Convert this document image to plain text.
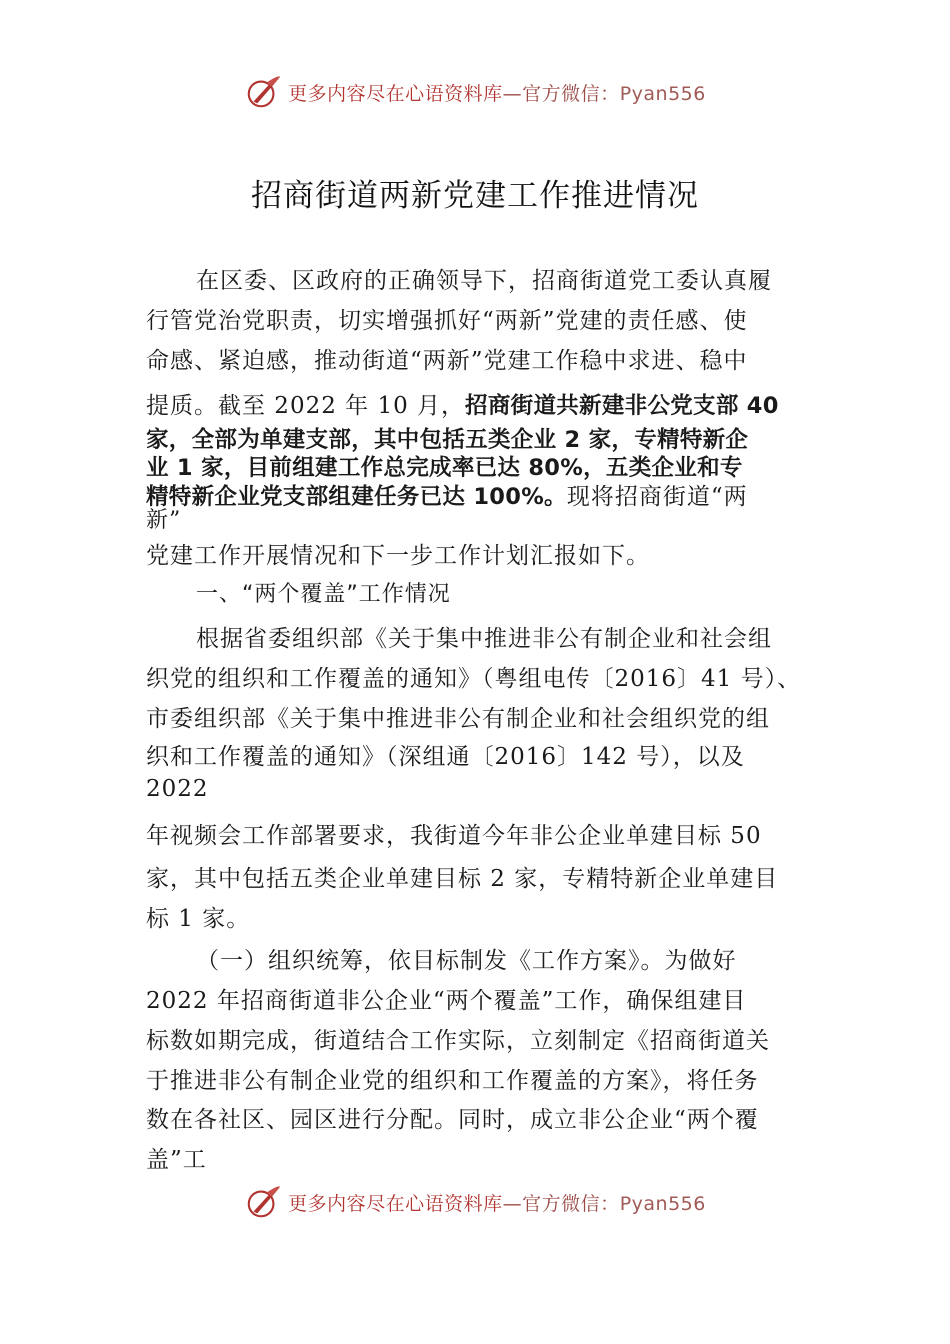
更多内容尽在心语资料库—官方微信：Pyan556
招商街道两新党建工作推进情况
在区委、区政府的正确领导下，招商街道党工委认真履
行管党治党职责，切实增强抓好“两新”党建的责任感、使
命感、紧迫感，推动街道“两新”党建工作稳中求进、稳中
提质。截至 2022 年 10 月，招商街道共新建非公党支部 40
家，全部为单建支部，其中包括五类企业 2 家，专精特新企
业 1 家，目前组建工作总完成率已达 80%，五类企业和专
精特新企业党支部组建任务已达 100%。现将招商街道“两
新”
党建工作开展情况和下一步工作计划汇报如下。
一、“两个覆盖”工作情况
根据省委组织部《关于集中推进非公有制企业和社会组
织党的组织和工作覆盖的通知》（粤组电传〔2016〕41 号）、
市委组织部《关于集中推进非公有制企业和社会组织党的组
织和工作覆盖的通知》（深组通〔2016〕142 号），以及
2022
年视频会工作部署要求，我街道今年非公企业单建目标 50
家，其中包括五类企业单建目标 2 家，专精特新企业单建目
标 1 家。
（一）组织统筹，依目标制发《工作方案》。为做好
2022 年招商街道非公企业“两个覆盖”工作，确保组建目
标数如期完成，街道结合工作实际，立刻制定《招商街道关
于推进非公有制企业党的组织和工作覆盖的方案》，将任务
数在各社区、园区进行分配。同时，成立非公企业“两个覆
盖”工
更多内容尽在心语资料库—官方微信：Pyan556
